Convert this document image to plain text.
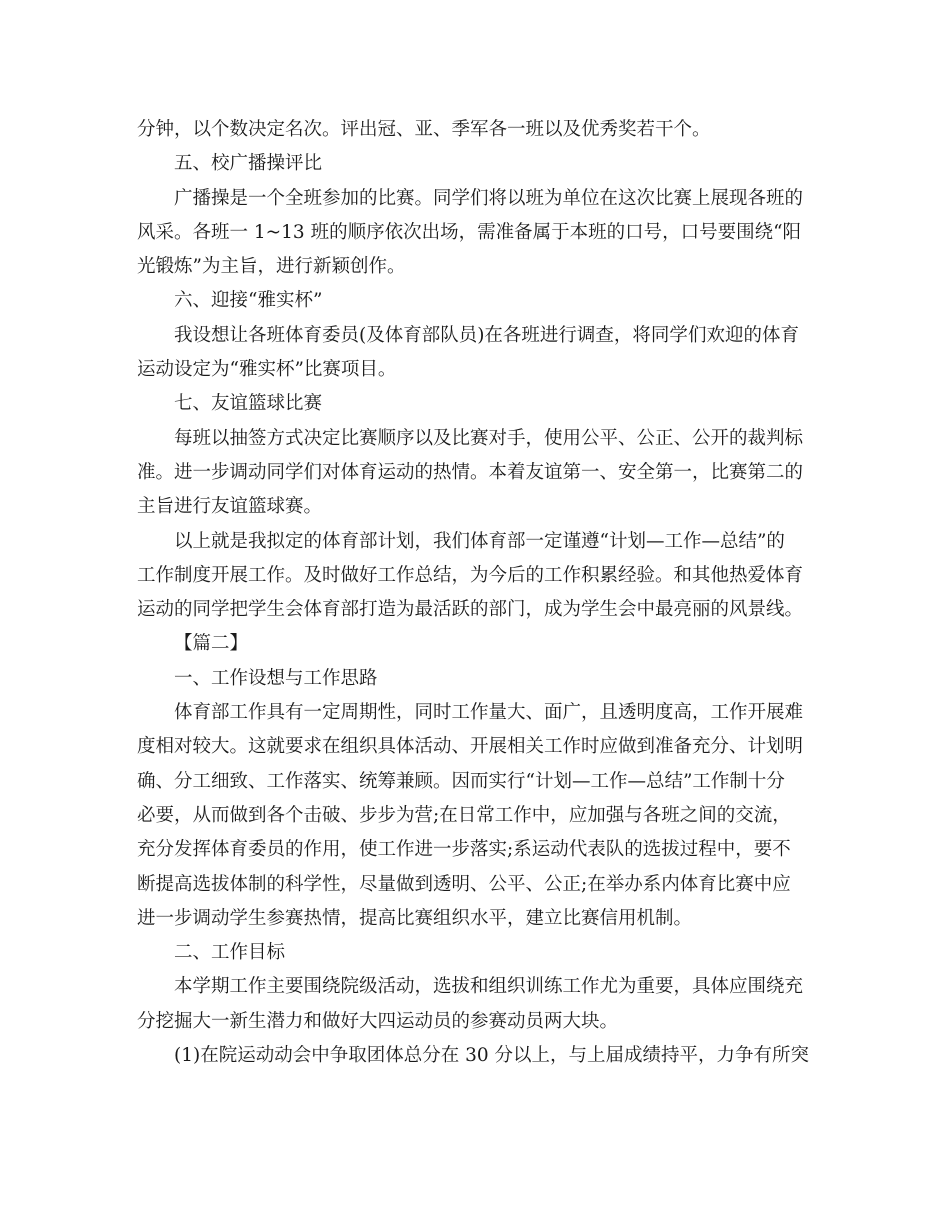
分钟，以个数决定名次。评出冠、亚、季军各一班以及优秀奖若干个。

五、校广播操评比

广播操是一个全班参加的比赛。同学们将以班为单位在这次比赛上展现各班的

风采。各班一 1~13 班的顺序依次出场，需准备属于本班的口号，口号要围绕“阳

光锻炼”为主旨，进行新颖创作。

六、迎接“雅实杯”

我设想让各班体育委员(及体育部队员)在各班进行调查，将同学们欢迎的体育

运动设定为“雅实杯”比赛项目。

七、友谊篮球比赛

每班以抽签方式决定比赛顺序以及比赛对手，使用公平、公正、公开的裁判标

准。进一步调动同学们对体育运动的热情。本着友谊第一、安全第一，比赛第二的

主旨进行友谊篮球赛。

以上就是我拟定的体育部计划，我们体育部一定谨遵“计划—工作—总结”的

工作制度开展工作。及时做好工作总结，为今后的工作积累经验。和其他热爱体育

运动的同学把学生会体育部打造为最活跃的部门，成为学生会中最亮丽的风景线。

【篇二】

一、工作设想与工作思路

体育部工作具有一定周期性，同时工作量大、面广，且透明度高，工作开展难

度相对较大。这就要求在组织具体活动、开展相关工作时应做到准备充分、计划明

确、分工细致、工作落实、统筹兼顾。因而实行“计划—工作—总结”工作制十分

必要，从而做到各个击破、步步为营;在日常工作中，应加强与各班之间的交流，

充分发挥体育委员的作用，使工作进一步落实;系运动代表队的选拔过程中，要不

断提高选拔体制的科学性，尽量做到透明、公平、公正;在举办系内体育比赛中应

进一步调动学生参赛热情，提高比赛组织水平，建立比赛信用机制。

二、工作目标

本学期工作主要围绕院级活动，选拔和组织训练工作尤为重要，具体应围绕充

分挖掘大一新生潜力和做好大四运动员的参赛动员两大块。

(1)在院运动动会中争取团体总分在 30 分以上，与上届成绩持平，力争有所突
